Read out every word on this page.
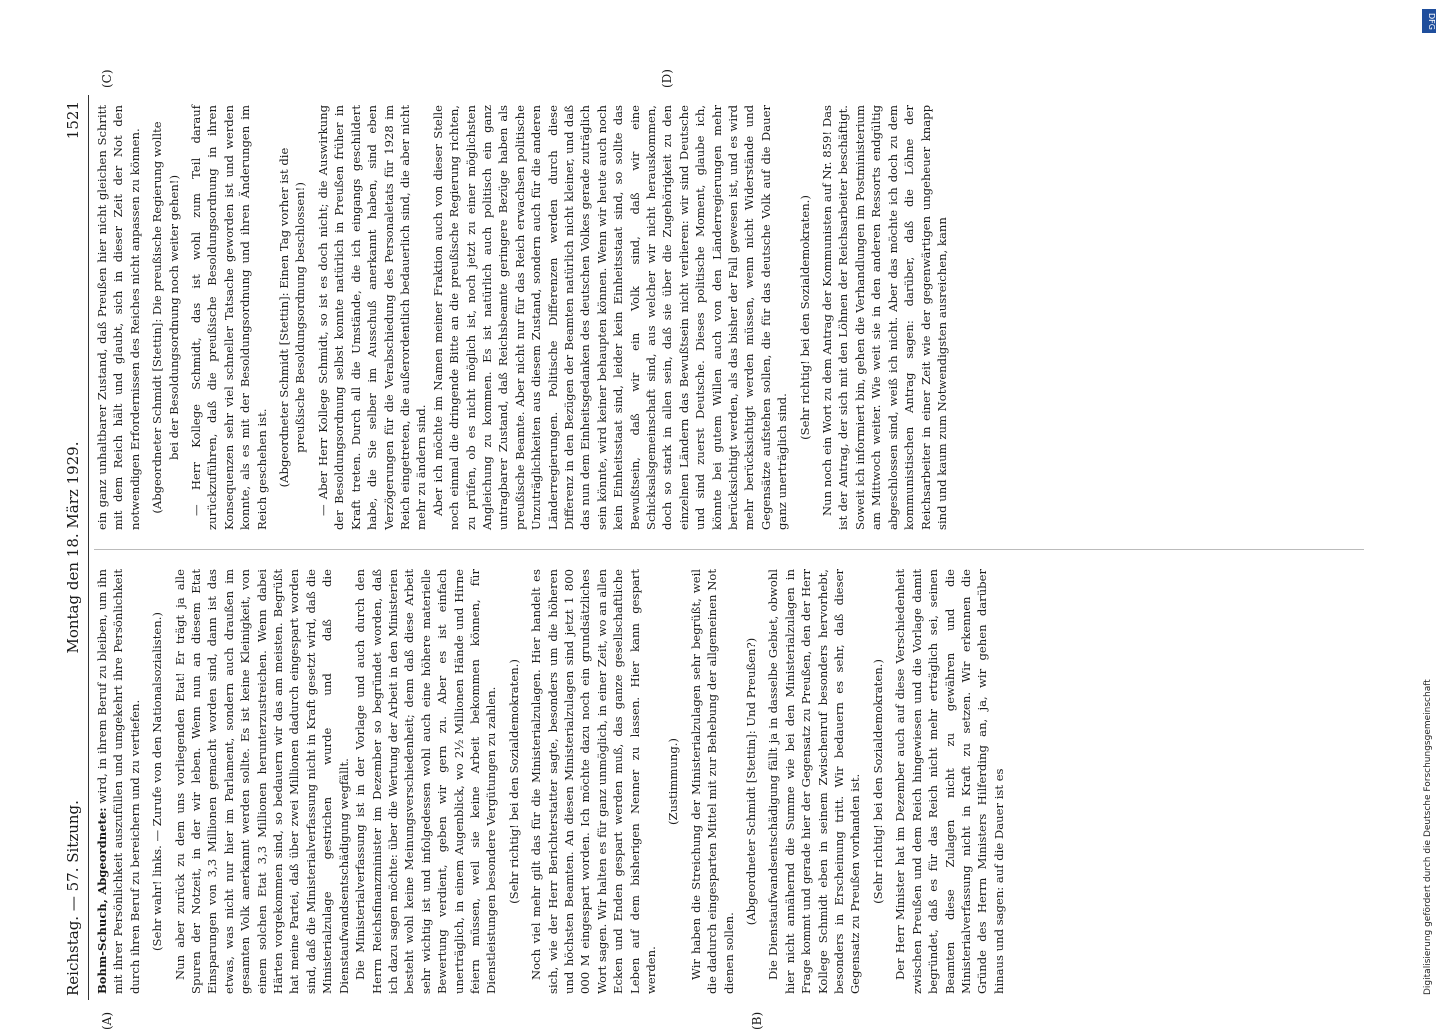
Reichstag. — 57. Sitzung.
Montag den 18. März 1929.
1521
(A)	(B)
(C)	(D)

Bohm-Schuch, Abgeordnete: wird, in ihrem Beruf zu bleiben, um ihn mit ihrer Persönlichkeit auszufüllen und umgekehrt ihre Persönlichkeit durch ihren Beruf zu bereichern und zu vertiefen. (Sehr wahr! links. — Zurufe von den Nationalsozialisten.) Nun aber zurück zu dem uns vorliegenden Etat! Er trägt ja alle Spuren der Notzeit, in der wir leben. Wenn nun an diesem Etat Einsparungen von 3,3 Millionen gemacht worden sind, dann ist das etwas, was nicht nur hier im Parlament, sondern auch draußen im gesamten Volk anerkannt werden sollte. Es ist keine Kleinigkeit, von einem solchen Etat 3,3 Millionen herunterzustreichen. Wenn dabei Härten vorgekommen sind, so bedauern wir das am meisten. Begrüßt hat meine Partei, daß über zwei Millionen dadurch eingespart worden sind, daß die Ministerialverfassung nicht in Kraft gesetzt wird, daß die Ministerialzulage gestrichen wurde und daß die Dienstaufwandsentschädigung wegfällt. Die Ministerialverfassung ist in der Vorlage und auch durch den Herrn Reichsfinanzminister im Dezember so begründet worden, daß ich dazu sagen möchte: über die Wertung der Arbeit in den Ministerien besteht wohl keine Meinungsverschiedenheit; denn daß diese Arbeit sehr wichtig ist und infolgedessen wohl auch eine höhere materielle Bewertung verdient, geben wir gern zu. Aber es ist einfach unerträglich, in einem Augenblick, wo 2½ Millionen Hände und Hirne feiern müssen, weil sie keine Arbeit bekommen können, für Dienstleistungen besondere Vergütungen zu zahlen. (Sehr richtig! bei den Sozialdemokraten.) Noch viel mehr gilt das für die Ministerialzulagen. Hier handelt es sich, wie der Herr Berichterstatter sagte, besonders um die höheren und höchsten Beamten. An diesen Ministerialzulagen sind jetzt 1 800 000 M eingespart worden. Ich möchte dazu noch ein grundsätzliches Wort sagen. Wir halten es für ganz unmöglich, in einer Zeit, wo an allen Ecken und Enden gespart werden muß, das ganze gesellschaftliche Leben auf dem bisherigen Nenner zu lassen. Hier kann gespart werden.

(Zustimmung.) Wir haben die Streichung der Ministerialzulagen sehr begrüßt, weil die dadurch eingesparten Mittel mit zur Behebung der allgemeinen Not dienen sollen.

(Abgeordneter Schmidt [Stettin]: Und Preußen?) Die Dienstaufwandsentschädigung fällt ja in dasselbe Gebiet, obwohl hier nicht annähernd die Summe wie bei den Ministerialzulagen in Frage kommt und gerade hier der Gegensatz zu Preußen, den der Herr Kollege Schmidt eben in seinem Zwischenruf besonders hervorhebt, besonders in Erscheinung tritt. Wir bedauern es sehr, daß dieser Gegensatz zu Preußen vorhanden ist. (Sehr richtig! bei den Sozialdemokraten.) Der Herr Minister hat im Dezember auch auf diese Verschiedenheit zwischen Preußen und dem Reich hingewiesen und die Vorlage damit begründet, daß es für das Reich nicht mehr erträglich sei, seinen Beamten diese Zulagen nicht zu gewähren und die Ministerialverfassung nicht in Kraft zu setzen. Wir erkennen die Gründe des Herrn Ministers Hilferding an, ja, wir gehen darüber hinaus und sagen: auf die Dauer ist es

ein ganz unhaltbarer Zustand, daß Preußen hier nicht gleichen Schritt mit dem Reich hält und glaubt, sich in dieser Zeit der Not den notwendigen Erfordernissen des Reiches nicht anpassen zu können. (Abgeordneter Schmidt [Stettin]: Die preußische Regierung wollte bei der Besoldungsordnung noch weiter gehen!) — Herr Kollege Schmidt, das ist wohl zum Teil darauf zurückzuführen, daß die preußische Besoldungsordnung in ihren Konsequenzen sehr viel schneller Tatsache geworden ist und werden konnte, als es mit der Besoldungsordnung und ihren Änderungen im Reich geschehen ist. (Abgeordneter Schmidt [Stettin]: Einen Tag vorher ist die preußische Besoldungsordnung beschlossen!) — Aber Herr Kollege Schmidt, so ist es doch nicht; die Auswirkung der Besoldungsordnung selbst konnte natürlich in Preußen früher in Kraft treten. Durch all die Umstände, die ich eingangs geschildert habe, die Sie selber im Ausschuß anerkannt haben, sind eben Verzögerungen für die Verabschiedung des Personaletats für 1928 im Reich eingetreten, die außerordentlich bedauerlich sind, die aber nicht mehr zu ändern sind. Aber ich möchte im Namen meiner Fraktion auch von dieser Stelle noch einmal die dringende Bitte an die preußische Regierung richten, zu prüfen, ob es nicht möglich ist, noch jetzt zu einer möglichsten Angleichung zu kommen. Es ist natürlich auch politisch ein ganz untragbarer Zustand, daß Reichsbeamte geringere Bezüge haben als preußische Beamte. Aber nicht nur für das Reich erwachsen politische Unzuträglichkeiten aus diesem Zustand, sondern auch für die anderen Länderregierungen. Politische Differenzen werden durch diese Differenz in den Bezügen der Beamten natürlich nicht kleiner, und daß das nun dem Einheitsgedanken des deutschen Volkes gerade zuträglich sein könnte, wird keiner behaupten können. Wenn wir heute auch noch kein Einheitsstaat sind, leider kein Einheitsstaat sind, so sollte das Bewußtsein, daß wir ein Volk sind, daß wir eine Schicksalsgemeinschaft sind, aus welcher wir nicht herauskommen, doch so stark in allen sein, daß sie über die Zugehörigkeit zu den einzelnen Ländern das Bewußtsein nicht verlieren: wir sind Deutsche und sind zuerst Deutsche. Dieses politische Moment, glaube ich, könnte bei gutem Willen auch von den Länderregierungen mehr berücksichtigt werden, als das bisher der Fall gewesen ist, und es wird mehr berücksichtigt werden müssen, wenn nicht Widerstände und Gegensätze aufstehen sollen, die für das deutsche Volk auf die Dauer ganz unerträglich sind.

(Sehr richtig! bei den Sozialdemokraten.) Nun noch ein Wort zu dem Antrag der Kommunisten auf Nr. 859! Das ist der Antrag, der sich mit den Löhnen der Reichsarbeiter beschäftigt. Soweit ich informiert bin, gehen die Verhandlungen im Postministerium am Mittwoch weiter. Wie weit sie in den anderen Ressorts endgültig abgeschlossen sind, weiß ich nicht. Aber das möchte ich doch zu dem kommunistischen Antrag sagen: darüber, daß die Löhne der Reichsarbeiter in einer Zeit wie der gegenwärtigen ungeheuer knapp sind und kaum zum Notwendigsten ausreichen, kann

Digitalisierung gefördert durch die Deutsche Forschungsgemeinschaft
DFG
